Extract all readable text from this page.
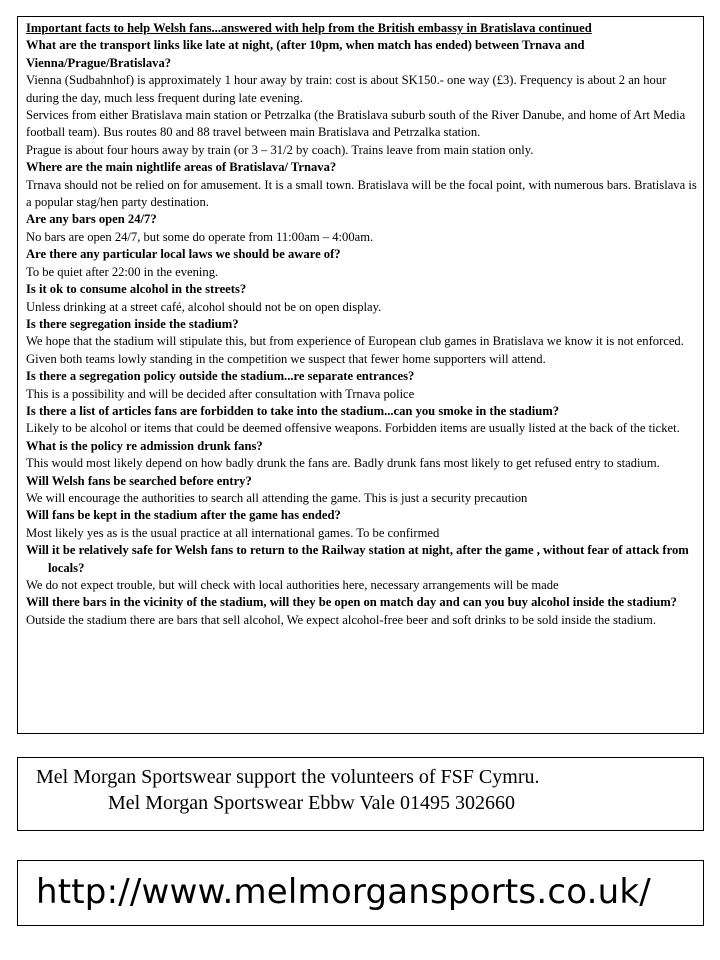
Important facts to help Welsh fans...answered with help from the British embassy in Bratislava continued

What are the transport links like late at night, (after 10pm, when match has ended) between Trnava and Vienna/Prague/Bratislava?

Vienna (Sudbahnhof) is approximately 1 hour away by train: cost is about SK150.- one way (£3). Frequency is about 2 an hour during the day, much less frequent during late evening.

Services from either Bratislava main station or Petrzalka (the Bratislava suburb south of the River Danube, and home of Art Media football team). Bus routes 80 and 88 travel between main Bratislava and Petrzalka station.

Prague is about four hours away by train (or 3 – 31/2 by coach). Trains leave from main station only.

Where are the main nightlife areas of Bratislava/ Trnava?

Trnava should not be relied on for amusement. It is a small town. Bratislava will be the focal point, with numerous bars. Bratislava is a popular stag/hen party destination.

Are any bars open 24/7?

No bars are open 24/7, but some do operate from 11:00am – 4:00am.

Are there any particular local laws we should be aware of?

To be quiet after 22:00 in the evening.

Is it ok to consume alcohol in the streets?

Unless drinking at a street café, alcohol should not be on open display.

Is there segregation inside the stadium?

We hope that the stadium will stipulate this, but from experience of European club games in Bratislava we know it is not enforced. Given both teams lowly standing in the competition we suspect that fewer home supporters will attend.

Is there a segregation policy outside the stadium...re separate entrances?

This is a possibility and will be decided after consultation with Trnava police

Is there a list of articles fans are forbidden to take into the stadium...can you smoke in the stadium?

Likely to be alcohol or items that could be deemed offensive weapons. Forbidden items are usually listed at the back of the ticket.

What is the policy re admission drunk fans?

This would most likely depend on how badly drunk the fans are. Badly drunk fans most likely to get refused entry to stadium.

Will Welsh fans be searched before entry?

We will encourage the authorities to search all attending the game. This is just a security precaution

Will fans be kept in the stadium after the game has ended?

Most likely yes as is the usual practice at all international games. To be confirmed

Will it be relatively safe for Welsh fans to return to the Railway station at night, after the game , without fear of attack from locals?

We do not expect trouble, but will check with local authorities here, necessary arrangements will be made

Will there bars in the vicinity of the stadium, will they be open on match day and can you buy alcohol inside the stadium?

Outside the stadium there are bars that sell alcohol, We expect alcohol-free beer and soft drinks to be sold inside the stadium.

Mel Morgan Sportswear support the volunteers of FSF Cymru.

Mel Morgan Sportswear Ebbw Vale 01495 302660

http://www.melmorgansports.co.uk/
